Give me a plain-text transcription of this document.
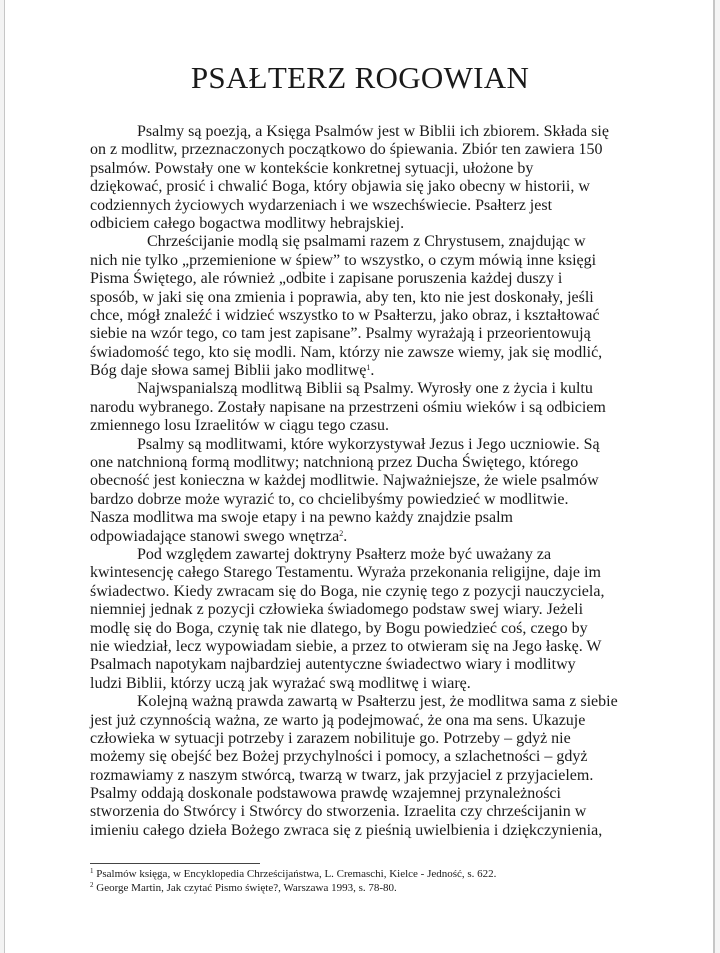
PSAŁTERZ ROGOWIAN
Psalmy są poezją, a Księga Psalmów jest w Biblii ich zbiorem. Składa się
on z modlitw, przeznaczonych początkowo do śpiewania. Zbiór ten zawiera 150
psalmów. Powstały one w kontekście konkretnej sytuacji, ułożone by
dziękować, prosić i chwalić Boga, który objawia się jako obecny w historii, w
codziennych życiowych wydarzeniach i we wszechświecie. Psałterz jest
odbiciem całego bogactwa modlitwy hebrajskiej.
Chrześcijanie modlą się psalmami razem z Chrystusem, znajdując w
nich nie tylko „przemienione w śpiew” to wszystko, o czym mówią inne księgi
Pisma Świętego, ale również „odbite i zapisane poruszenia każdej duszy i
sposób, w jaki się ona zmienia i poprawia, aby ten, kto nie jest doskonały, jeśli
chce, mógł znaleźć i widzieć wszystko to w Psałterzu, jako obraz, i kształtować
siebie na wzór tego, co tam jest zapisane”. Psalmy wyrażają i przeorientowują
świadomość tego, kto się modli. Nam, którzy nie zawsze wiemy, jak się modlić,
Bóg daje słowa samej Biblii jako modlitwę$^1$.
Najwspanialszą modlitwą Biblii są Psalmy. Wyrosły one z życia i kultu
narodu wybranego. Zostały napisane na przestrzeni ośmiu wieków i są odbiciem
zmiennego losu Izraelitów w ciągu tego czasu.
Psalmy są modlitwami, które wykorzystywał Jezus i Jego uczniowie. Są
one natchnioną formą modlitwy; natchnioną przez Ducha Świętego, którego
obecność jest konieczna w każdej modlitwie. Najważniejsze, że wiele psalmów
bardzo dobrze może wyrazić to, co chcielibyśmy powiedzieć w modlitwie.
Nasza modlitwa ma swoje etapy i na pewno każdy znajdzie psalm
odpowiadające stanowi swego wnętrza$^2$.
Pod względem zawartej doktryny Psałterz może być uważany za
kwintesencję całego Starego Testamentu. Wyraża przekonania religijne, daje im
świadectwo. Kiedy zwracam się do Boga, nie czynię tego z pozycji nauczyciela,
niemniej jednak z pozycji człowieka świadomego podstaw swej wiary. Jeżeli
modlę się do Boga, czynię tak nie dlatego, by Bogu powiedzieć coś, czego by
nie wiedział, lecz wypowiadam siebie, a przez to otwieram się na Jego łaskę. W
Psalmach napotykam najbardziej autentyczne świadectwo wiary i modlitwy
ludzi Biblii, którzy uczą jak wyrażać swą modlitwę i wiarę.
Kolejną ważną prawda zawartą w Psałterzu jest, że modlitwa sama z siebie
jest już czynnością ważna, ze warto ją podejmować, że ona ma sens. Ukazuje
człowieka w sytuacji potrzeby i zarazem nobilituje go. Potrzeby – gdyż nie
możemy się obejść bez Bożej przychylności i pomocy, a szlachetności – gdyż
rozmawiamy z naszym stwórcą, twarzą w twarz, jak przyjaciel z przyjacielem.
Psalmy oddają doskonale podstawowa prawdę wzajemnej przynależności
stworzenia do Stwórcy i Stwórcy do stworzenia. Izraelita czy chrześcijanin w
imieniu całego dzieła Bożego zwraca się z pieśnią uwielbienia i dziękczynienia,
$^1$ Psalmów księga, w Encyklopedia Chrześcijaństwa, L. Cremaschi, Kielce - Jedność, s. 622.
$^2$ George Martin, Jak czytać Pismo święte?, Warszawa 1993, s. 78-80.
